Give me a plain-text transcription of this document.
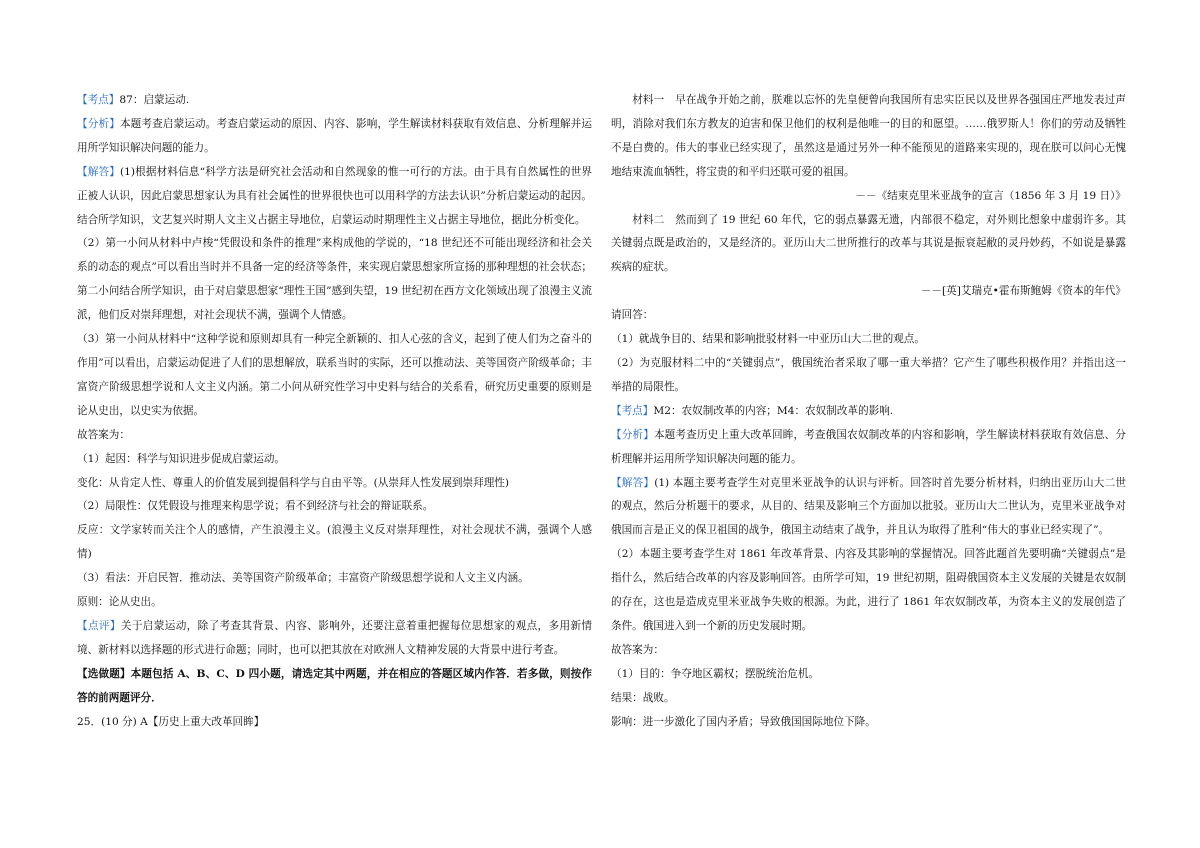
【考点】87：启蒙运动.

【分析】本题考查启蒙运动。考查启蒙运动的原因、内容、影响，学生解读材料获取有效信息、分析理解并运用所学知识解决问题的能力。

【解答】(1)根据材料信息“科学方法是研究社会活动和自然现象的惟一可行的方法。由于具有自然属性的世界正被人认识，因此启蒙思想家认为具有社会属性的世界很快也可以用科学的方法去认识”分析启蒙运动的起因。结合所学知识，文艺复兴时期人文主义占据主导地位，启蒙运动时期理性主义占据主导地位，据此分析变化。

（2）第一小问从材料中卢梭“凭假设和条件的推理”来构成他的学说的，“18 世纪还不可能出现经济和社会关系的动态的观点”可以看出当时并不具备一定的经济等条件，来实现启蒙思想家所宣扬的那种理想的社会状态；第二小问结合所学知识，由于对启蒙思想家“理性王国”感到失望，19 世纪初在西方文化领域出现了浪漫主义流派，他们反对崇拜理想，对社会现状不满，强调个人情感。

（3）第一小问从材料中“这种学说和原则却具有一种完全新颖的、扣人心弦的含义，起到了使人们为之奋斗的作用”可以看出，启蒙运动促进了人们的思想解放，联系当时的实际，还可以推动法、美等国资产阶级革命；丰富资产阶级思想学说和人文主义内涵。第二小问从研究性学习中史料与结合的关系看，研究历史重要的原则是论从史出，以史实为依据。

故答案为：

（1）起因：科学与知识进步促成启蒙运动。

变化：从肯定人性、尊重人的价值发展到提倡科学与自由平等。(从崇拜人性发展到崇拜理性)

（2）局限性：仅凭假设与推理来构思学说；看不到经济与社会的辩证联系。

反应：文学家转而关注个人的感情，产生浪漫主义。(浪漫主义反对崇拜理性，对社会现状不满，强调个人感情)

（3）看法：开启民智．推动法、美等国资产阶级革命；丰富资产阶级思想学说和人文主义内涵。

原则：论从史出。

【点评】关于启蒙运动，除了考查其背景、内容、影响外，还要注意着重把握每位思想家的观点，多用新情境、新材料以选择题的形式进行命题；同时，也可以把其放在对欧洲人文精神发展的大背景中进行考查。

【选做题】本题包括 A、B、C、D 四小题，请选定其中两题，并在相应的答题区域内作答．若多做，则按作答的前两题评分．

25．(10 分) A【历史上重大改革回眸】

材料一　早在战争开始之前，朕难以忘怀的先皇便曾向我国所有忠实臣民以及世界各强国庄严地发表过声明，消除对我们东方教友的迫害和保卫他们的权利是他唯一的目的和愿望。……俄罗斯人！你们的劳动及牺牲不是白费的。伟大的事业已经实现了，虽然这是通过另外一种不能预见的道路来实现的，现在朕可以问心无愧地结束流血牺牲，将宝贵的和平归还联可爱的祖国。

－－《结束克里米亚战争的宣言（1856 年 3 月 19 日）》

材料二　然而到了 19 世纪 60 年代，它的弱点暴露无遗，内部很不稳定，对外则比想象中虚弱许多。其关键弱点既是政治的，又是经济的。亚历山大二世所推行的改革与其说是振衰起敝的灵丹妙药，不如说是暴露疾病的症状。

－－[英]艾瑞克•霍布斯鲍姆《资本的年代》

请回答：

（1）就战争目的、结果和影响批驳材料一中亚历山大二世的观点。

（2）为克服材料二中的“关键弱点”，俄国统治者采取了哪一重大举措？它产生了哪些积极作用？并指出这一举措的局限性。

【考点】M2：农奴制改革的内容；M4：农奴制改革的影响.

【分析】本题考查历史上重大改革回眸，考查俄国农奴制改革的内容和影响，学生解读材料获取有效信息、分析理解并运用所学知识解决问题的能力。

【解答】(1) 本题主要考查学生对克里米亚战争的认识与评析。回答时首先要分析材料，归纳出亚历山大二世的观点，然后分析题干的要求，从目的、结果及影响三个方面加以批驳。亚历山大二世认为，克里米亚战争对俄国而言是正义的保卫祖国的战争，俄国主动结束了战争，并且认为取得了胜利“伟大的事业已经实现了”。

（2）本题主要考查学生对 1861 年改革背景、内容及其影响的掌握情况。回答此题首先要明确“关键弱点”是指什么，然后结合改革的内容及影响回答。由所学可知，19 世纪初期，阻碍俄国资本主义发展的关键是农奴制的存在，这也是造成克里米亚战争失败的根源。为此，进行了 1861 年农奴制改革，为资本主义的发展创造了条件。俄国进入到一个新的历史发展时期。

故答案为：

（1）目的：争夺地区霸权；摆脱统治危机。

结果：战败。

影响：进一步激化了国内矛盾；导致俄国国际地位下降。
